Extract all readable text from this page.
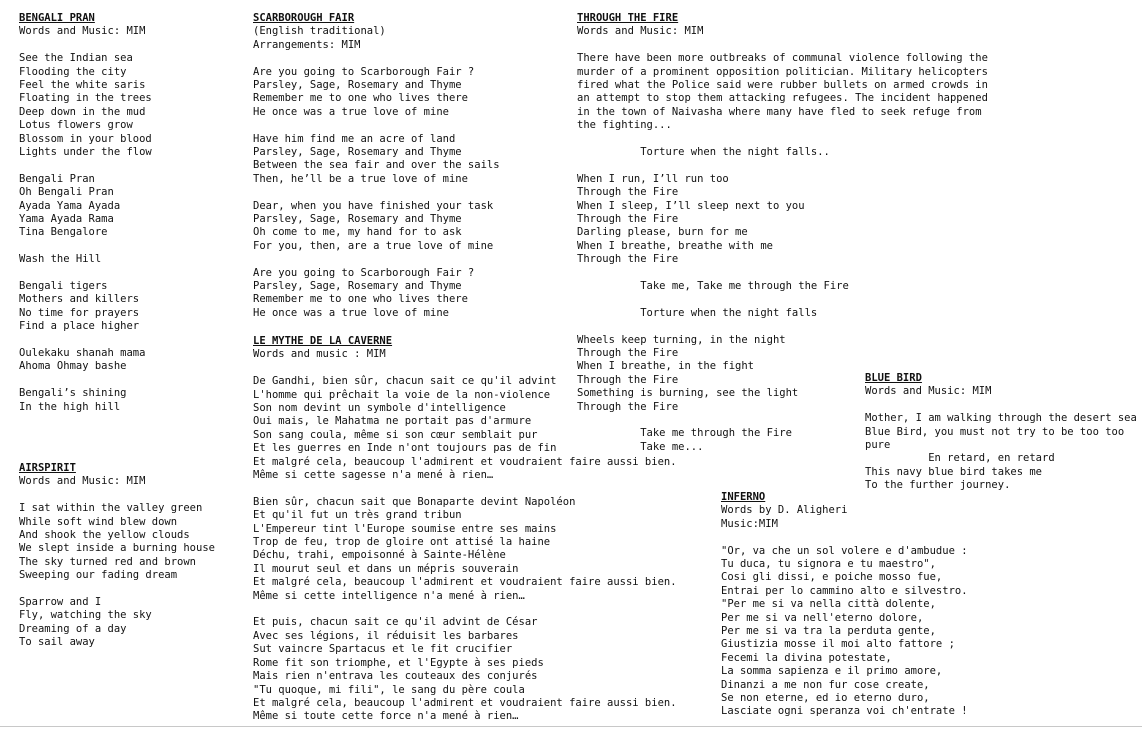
BENGALI PRAN
Words and Music: MIM
See the Indian sea
Flooding the city
Feel the white saris
Floating in the trees
Deep down in the mud
Lotus flowers grow
Blossom in your blood
Lights under the flow
Bengali Pran
Oh Bengali Pran
Ayada Yama Ayada
Yama Ayada Rama
Tina Bengalore
Wash the Hill
Bengali tigers
Mothers and killers
No time for prayers
Find a place higher
Oulekaku shanah mama
Ahoma Ohmay bashe
Bengali’s shining
In the high hill
AIRSPIRIT
Words and Music: MIM
I sat within the valley green
While soft wind blew down
And shook the yellow clouds
We slept inside a burning house
The sky turned red and brown
Sweeping our fading dream
Sparrow and I
Fly, watching the sky
Dreaming of a day
To sail away
SCARBOROUGH FAIR
(English traditional)
Arrangements: MIM
Are you going to Scarborough Fair ?
Parsley, Sage, Rosemary and Thyme
Remember me to one who lives there
He once was a true love of mine
Have him find me an acre of land
Parsley, Sage, Rosemary and Thyme
Between the sea fair and over the sails
Then, he’ll be a true love of mine
Dear, when you have finished your task
Parsley, Sage, Rosemary and Thyme
Oh come to me, my hand for to ask
For you, then, are a true love of mine
Are you going to Scarborough Fair ?
Parsley, Sage, Rosemary and Thyme
Remember me to one who lives there
He once was a true love of mine
LE MYTHE DE LA CAVERNE
Words and music : MIM
De Gandhi, bien sûr, chacun sait ce qu'il advint
L'homme qui prêchait la voie de la non-violence
Son nom devint un symbole d'intelligence
Oui mais, le Mahatma ne portait pas d'armure
Son sang coula, même si son cœur semblait pur
Et les guerres en Inde n'ont toujours pas de fin
Et malgré cela, beaucoup l'admirent et voudraient faire aussi bien.
Même si cette sagesse n'a mené à rien…
Bien sûr, chacun sait que Bonaparte devint Napoléon
Et qu'il fut un très grand tribun
L'Empereur tint l'Europe soumise entre ses mains
Trop de feu, trop de gloire ont attisé la haine
Déchu, trahi, empoisonné à Sainte-Hélène
Il mourut seul et dans un mépris souverain
Et malgré cela, beaucoup l'admirent et voudraient faire aussi bien.
Même si cette intelligence n'a mené à rien…
Et puis, chacun sait ce qu'il advint de César
Avec ses légions, il réduisit les barbares
Sut vaincre Spartacus et le fit crucifier
Rome fit son triomphe, et l'Egypte à ses pieds
Mais rien n'entrava les couteaux des conjurés
"Tu quoque, mi fili", le sang du père coula
Et malgré cela, beaucoup l'admirent et voudraient faire aussi bien.
Même si toute cette force n'a mené à rien…
THROUGH THE FIRE
Words and Music: MIM
There have been more outbreaks of communal violence following the
murder of a prominent opposition politician. Military helicopters
fired what the Police said were rubber bullets on armed crowds in
an attempt to stop them attacking refugees. The incident happened
in the town of Naivasha where many have fled to seek refuge from
the fighting...
Torture when the night falls..
When I run, I’ll run too
Through the Fire
When I sleep, I’ll sleep next to you
Through the Fire
Darling please, burn for me
When I breathe, breathe with me
Through the Fire
Take me, Take me through the Fire
Torture when the night falls
Wheels keep turning, in the night
Through the Fire
When I breathe, in the fight
Through the Fire
Something is burning, see the light
Through the Fire
Take me through the Fire
Take me...
BLUE BIRD
Words and Music: MIM
Mother, I am walking through the desert sea
Blue Bird, you must not try to be too too
pure
En retard, en retard
This navy blue bird takes me
To the further journey.
INFERNO
Words by D. Aligheri
Music:MIM
"Or, va che un sol volere e d'ambudue :
Tu duca, tu signora e tu maestro",
Cosi gli dissi, e poiche mosso fue,
Entrai per lo cammino alto e silvestro.
"Per me si va nella città dolente,
Per me si va nell'eterno dolore,
Per me si va tra la perduta gente,
Giustizia mosse il moi alto fattore ;
Fecemi la divina potestate,
La somma sapienza e il primo amore,
Dinanzi a me non fur cose create,
Se non eterne, ed io eterno duro,
Lasciate ogni speranza voi ch'entrate !
